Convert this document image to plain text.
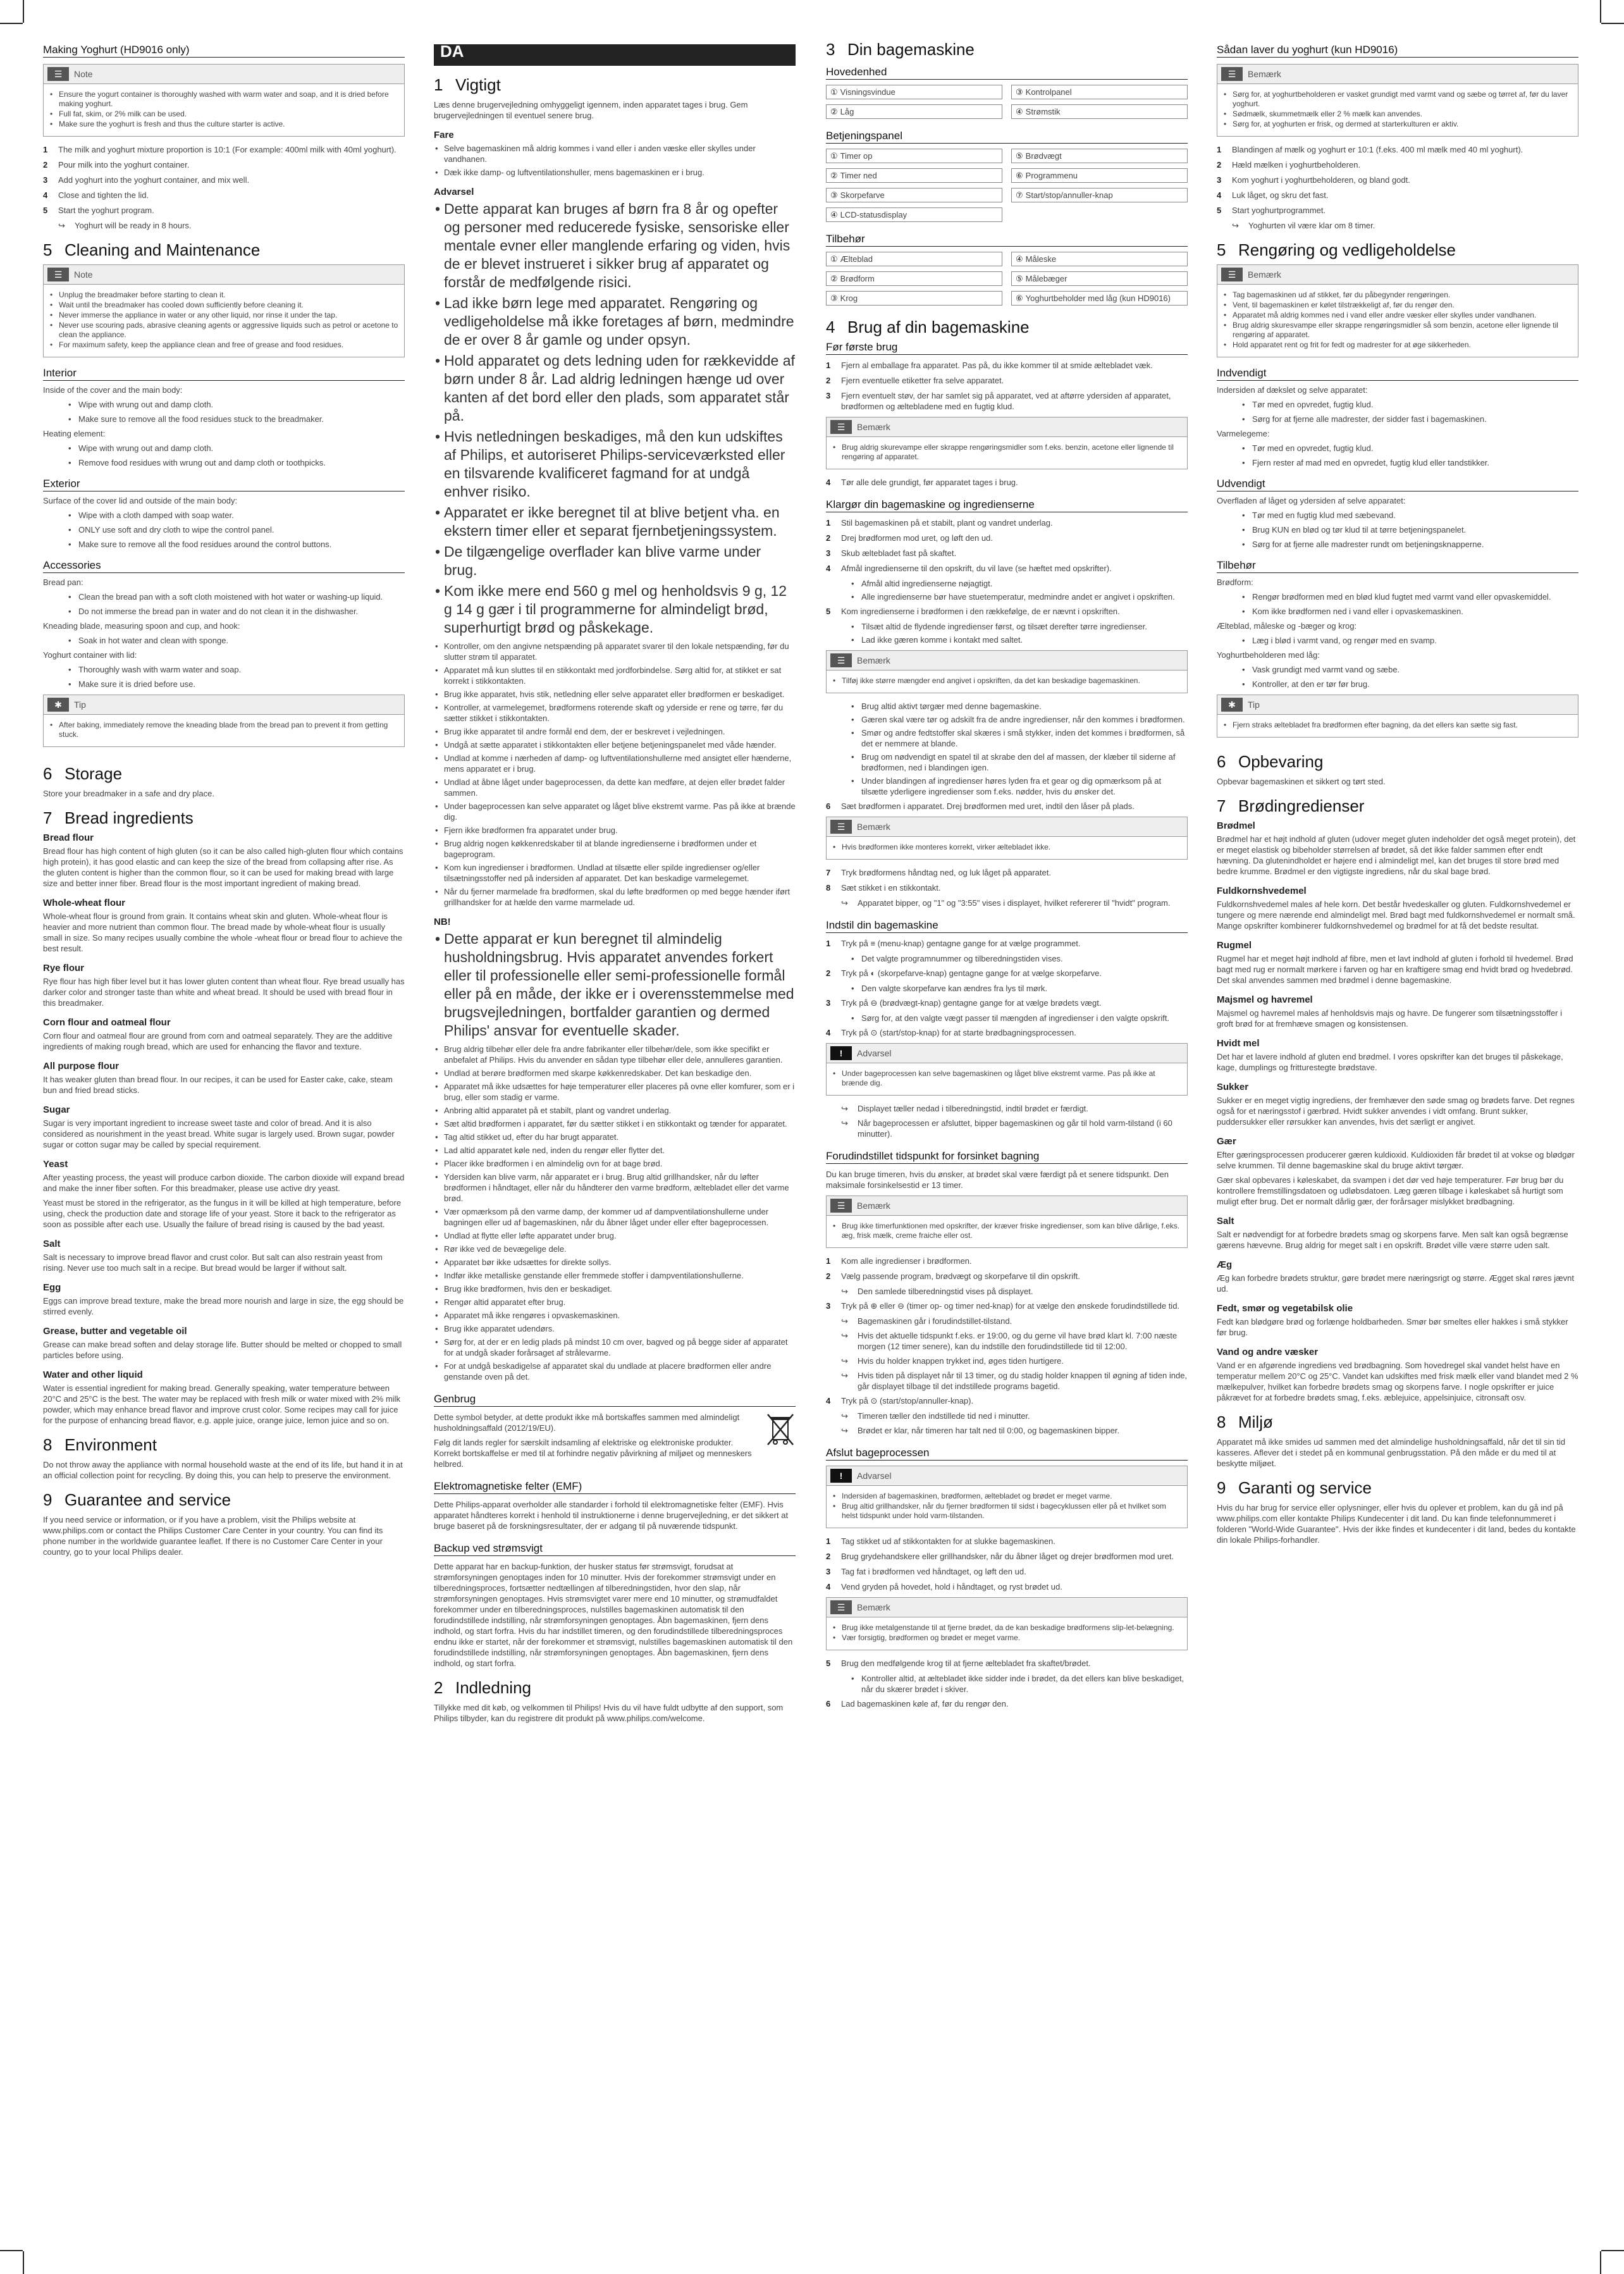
Making Yoghurt (HD9016 only)
☰	Note
• Ensure the yogurt container is thoroughly washed with warm water and soap, and it is dried before making yoghurt.
• Full fat, skim, or 2% milk can be used.
• Make sure the yoghurt is fresh and thus the culture starter is active.
1	The milk and yoghurt mixture proportion is 10:1 (For example: 400ml milk with 40ml yoghurt).
2	Pour milk into the yoghurt container.
3	Add yoghurt into the yoghurt container, and mix well.
4	Close and tighten the lid.
5	Start the yoghurt program.
↪	Yoghurt will be ready in 8 hours.
5 Cleaning and Maintenance
☰	Note
• Unplug the breadmaker before starting to clean it.
• Wait until the breadmaker has cooled down sufficiently before cleaning it.
• Never immerse the appliance in water or any other liquid, nor rinse it under the tap.
• Never use scouring pads, abrasive cleaning agents or aggressive liquids such as petrol or acetone to clean the appliance.
• For maximum safety, keep the appliance clean and free of grease and food residues.
Interior

Inside of the cover and the main body:

• Wipe with wrung out and damp cloth.
• Make sure to remove all the food residues stuck to the breadmaker.

Heating element:

• Wipe with wrung out and damp cloth.
• Remove food residues with wrung out and damp cloth or toothpicks.
Exterior

Surface of the cover lid and outside of the main body:

• Wipe with a cloth damped with soap water.
• ONLY use soft and dry cloth to wipe the control panel.
• Make sure to remove all the food residues around the control buttons.
Accessories

Bread pan:

• Clean the bread pan with a soft cloth moistened with hot water or washing-up liquid.
• Do not immerse the bread pan in water and do not clean it in the dishwasher.

Kneading blade, measuring spoon and cup, and hook:

• Soak in hot water and clean with sponge.

Yoghurt container with lid:

• Thoroughly wash with warm water and soap.
• Make sure it is dried before use.
✱	Tip
• After baking, immediately remove the kneading blade from the bread pan to prevent it from getting stuck.
6 Storage

Store your breadmaker in a safe and dry place.

7 Bread ingredients
Bread flour

Bread flour has high content of high gluten (so it can be also called high-gluten flour which contains high protein), it has good elastic and can keep the size of the bread from collapsing after rise. As the gluten content is higher than the common flour, so it can be used for making bread with large size and better inner fiber. Bread flour is the most important ingredient of making bread.

Whole-wheat flour

Whole-wheat flour is ground from grain. It contains wheat skin and gluten. Whole-wheat flour is heavier and more nutrient than common flour. The bread made by whole-wheat flour is usually small in size. So many recipes usually combine the whole -wheat flour or bread flour to achieve the best result.

Rye flour

Rye flour has high fiber level but it has lower gluten content than wheat flour. Rye bread usually has darker color and stronger taste than white and wheat bread. It should be used with bread flour in this breadmaker.

Corn flour and oatmeal flour

Corn flour and oatmeal flour are ground from corn and oatmeal separately. They are the additive ingredients of making rough bread, which are used for enhancing the flavor and texture.

All purpose flour

It has weaker gluten than bread flour. In our recipes, it can be used for Easter cake, cake, steam bun and fried bread sticks.

Sugar

Sugar is very important ingredient to increase sweet taste and color of bread. And it is also considered as nourishment in the yeast bread. White sugar is largely used. Brown sugar, powder sugar or cotton sugar may be called by special requirement.

Yeast

After yeasting process, the yeast will produce carbon dioxide. The carbon dioxide will expand bread and make the inner fiber soften. For this breadmaker, please use active dry yeast.

Yeast must be stored in the refrigerator, as the fungus in it will be killed at high temperature, before using, check the production date and storage life of your yeast. Store it back to the refrigerator as soon as possible after each use. Usually the failure of bread rising is caused by the bad yeast.

Salt

Salt is necessary to improve bread flavor and crust color. But salt can also restrain yeast from rising. Never use too much salt in a recipe. But bread would be larger if without salt.

Egg

Eggs can improve bread texture, make the bread more nourish and large in size, the egg should be stirred evenly.

Grease, butter and vegetable oil

Grease can make bread soften and delay storage life. Butter should be melted or chopped to small particles before using.

Water and other liquid

Water is essential ingredient for making bread. Generally speaking, water temperature between 20°C and 25°C is the best. The water may be replaced with fresh milk or water mixed with 2% milk powder, which may enhance bread flavor and improve crust color. Some recipes may call for juice for the purpose of enhancing bread flavor, e.g. apple juice, orange juice, lemon juice and so on.

8 Environment

Do not throw away the appliance with normal household waste at the end of its life, but hand it in at an official collection point for recycling. By doing this, you can help to preserve the environment.

9 Guarantee and service

If you need service or information, or if you have a problem, visit the Philips website at www.philips.com or contact the Philips Customer Care Center in your country. You can find its phone number in the worldwide guarantee leaflet. If there is no Customer Care Center in your country, go to your local Philips dealer.

DA
1 Vigtigt

Læs denne brugervejledning omhyggeligt igennem, inden apparatet tages i brug. Gem brugervejledningen til eventuel senere brug.

Fare
• Selve bagemaskinen må aldrig kommes i vand eller i anden væske eller skylles under vandhanen.
• Dæk ikke damp- og luftventilationshuller, mens bagemaskinen er i brug.
Advarsel
• Dette apparat kan bruges af børn fra 8 år og opefter og personer med reducerede fysiske, sensoriske eller mentale evner eller manglende erfaring og viden, hvis de er blevet instrueret i sikker brug af apparatet og forstår de medfølgende risici.
• Lad ikke børn lege med apparatet. Rengøring og vedligeholdelse må ikke foretages af børn, medmindre de er over 8 år gamle og under opsyn.
• Hold apparatet og dets ledning uden for rækkevidde af børn under 8 år. Lad aldrig ledningen hænge ud over kanten af det bord eller den plads, som apparatet står på.
• Hvis netledningen beskadiges, må den kun udskiftes af Philips, et autoriseret Philips-serviceværksted eller en tilsvarende kvalificeret fagmand for at undgå enhver risiko.
• Apparatet er ikke beregnet til at blive betjent vha. en ekstern timer eller et separat fjernbetjeningssystem.
• De tilgængelige overflader kan blive varme under brug.
• Kom ikke mere end 560 g mel og henholdsvis 9 g, 12 g 14 g gær i til programmerne for almindeligt brød, superhurtigt brød og påskekage.
• Kontroller, om den angivne netspænding på apparatet svarer til den lokale netspænding, før du slutter strøm til apparatet.
• Apparatet må kun sluttes til en stikkontakt med jordforbindelse. Sørg altid for, at stikket er sat korrekt i stikkontakten.
• Brug ikke apparatet, hvis stik, netledning eller selve apparatet eller brødformen er beskadiget.
• Kontroller, at varmelegemet, brødformens roterende skaft og yderside er rene og tørre, før du sætter stikket i stikkontakten.
• Brug ikke apparatet til andre formål end dem, der er beskrevet i vejledningen.
• Undgå at sætte apparatet i stikkontakten eller betjene betjeningspanelet med våde hænder.
• Undlad at komme i nærheden af damp- og luftventilationshullerne med ansigtet eller hænderne, mens apparatet er i brug.
• Undlad at åbne låget under bageprocessen, da dette kan medføre, at dejen eller brødet falder sammen.
• Under bageprocessen kan selve apparatet og låget blive ekstremt varme. Pas på ikke at brænde dig.
• Fjern ikke brødformen fra apparatet under brug.
• Brug aldrig nogen køkkenredskaber til at blande ingredienserne i brødformen under et bageprogram.
• Kom kun ingredienser i brødformen. Undlad at tilsætte eller spilde ingredienser og/eller tilsætningsstoffer ned på indersiden af apparatet. Det kan beskadige varmelegemet.
• Når du fjerner marmelade fra brødformen, skal du løfte brødformen op med begge hænder iført grillhandsker for at hælde den varme marmelade ud.
NB!
• Dette apparat er kun beregnet til almindelig husholdningsbrug. Hvis apparatet anvendes forkert eller til professionelle eller semi-professionelle formål eller på en måde, der ikke er i overensstemmelse med brugsvejledningen, bortfalder garantien og dermed Philips' ansvar for eventuelle skader.
• Brug aldrig tilbehør eller dele fra andre fabrikanter eller tilbehør/dele, som ikke specifikt er anbefalet af Philips. Hvis du anvender en sådan type tilbehør eller dele, annulleres garantien.
• Undlad at berøre brødformen med skarpe køkkenredskaber. Det kan beskadige den.
• Apparatet må ikke udsættes for høje temperaturer eller placeres på ovne eller komfurer, som er i brug, eller som stadig er varme.
• Anbring altid apparatet på et stabilt, plant og vandret underlag.
• Sæt altid brødformen i apparatet, før du sætter stikket i en stikkontakt og tænder for apparatet.
• Tag altid stikket ud, efter du har brugt apparatet.
• Lad altid apparatet køle ned, inden du rengør eller flytter det.
• Placer ikke brødformen i en almindelig ovn for at bage brød.
• Ydersiden kan blive varm, når apparatet er i brug. Brug altid grillhandsker, når du løfter brødformen i håndtaget, eller når du håndterer den varme brødform, æltebladet eller det varme brød.
• Vær opmærksom på den varme damp, der kommer ud af dampventilationshullerne under bagningen eller ud af bagemaskinen, når du åbner låget under eller efter bageprocessen.
• Undlad at flytte eller løfte apparatet under brug.
• Rør ikke ved de bevægelige dele.
• Apparatet bør ikke udsættes for direkte sollys.
• Indfør ikke metalliske genstande eller fremmede stoffer i dampventilationshullerne.
• Brug ikke brødformen, hvis den er beskadiget.
• Rengør altid apparatet efter brug.
• Apparatet må ikke rengøres i opvaskemaskinen.
• Brug ikke apparatet udendørs.
• Sørg for, at der er en ledig plads på mindst 10 cm over, bagved og på begge sider af apparatet for at undgå skader forårsaget af strålevarme.
• For at undgå beskadigelse af apparatet skal du undlade at placere brødformen eller andre genstande oven på det.
Genbrug

Dette symbol betyder, at dette produkt ikke må bortskaffes sammen med almindeligt husholdningsaffald (2012/19/EU).

Følg dit lands regler for særskilt indsamling af elektriske og elektroniske produkter. Korrekt bortskaffelse er med til at forhindre negativ påvirkning af miljøet og menneskers helbred.

Elektromagnetiske felter (EMF)

Dette Philips-apparat overholder alle standarder i forhold til elektromagnetiske felter (EMF). Hvis apparatet håndteres korrekt i henhold til instruktionerne i denne brugervejledning, er det sikkert at bruge baseret på de forskningsresultater, der er adgang til på nuværende tidspunkt.

Backup ved strømsvigt

Dette apparat har en backup-funktion, der husker status før strømsvigt, forudsat at strømforsyningen genoptages inden for 10 minutter. Hvis der forekommer strømsvigt under en tilberedningsproces, fortsætter nedtællingen af tilberedningstiden, hvor den slap, når strømforsyningen genoptages. Hvis strømsvigtet varer mere end 10 minutter, og strømudfaldet forekommer under en tilberedningsproces, nulstilles bagemaskinen automatisk til den forudindstillede indstilling, når strømforsyningen genoptages. Åbn bagemaskinen, fjern dens indhold, og start forfra. Hvis du har indstillet timeren, og den forudindstillede tilberedningsproces endnu ikke er startet, når der forekommer et strømsvigt, nulstilles bagemaskinen automatisk til den forudindstillede indstilling, når strømforsyningen genoptages. Åbn bagemaskinen, fjern dens indhold, og start forfra.

2 Indledning

Tillykke med dit køb, og velkommen til Philips! Hvis du vil have fuldt udbytte af den support, som Philips tilbyder, kan du registrere dit produkt på www.philips.com/welcome.

3 Din bagemaskine
Hovedenhed
① Visningsvindue	③ Kontrolpanel
② Låg	④ Strømstik
Betjeningspanel
① Timer op	⑤ Brødvægt
② Timer ned	⑥ Programmenu
③ Skorpefarve	⑦ Start/stop/annuller-knap
④ LCD-statusdisplay
Tilbehør
① Ælteblad	④ Måleske
② Brødform	⑤ Målebæger
③ Krog	⑥ Yoghurtbeholder med låg (kun HD9016)
4 Brug af din bagemaskine
Før første brug
1	Fjern al emballage fra apparatet. Pas på, du ikke kommer til at smide æltebladet væk.
2	Fjern eventuelle etiketter fra selve apparatet.
3	Fjern eventuelt støv, der har samlet sig på apparatet, ved at aftørre ydersiden af apparatet, brødformen og æltebladene med en fugtig klud.
☰	Bemærk
• Brug aldrig skurevampe eller skrappe rengøringsmidler som f.eks. benzin, acetone eller lignende til rengøring af apparatet.
4	Tør alle dele grundigt, før apparatet tages i brug.
Klargør din bagemaskine og ingredienserne
1	Stil bagemaskinen på et stabilt, plant og vandret underlag.
2	Drej brødformen mod uret, og løft den ud.
3	Skub æltebladet fast på skaftet.
4	Afmål ingredienserne til den opskrift, du vil lave (se hæftet med opskrifter).
• Afmål altid ingredienserne nøjagtigt.
• Alle ingredienserne bør have stuetemperatur, medmindre andet er angivet i opskriften.
5	Kom ingredienserne i brødformen i den rækkefølge, de er nævnt i opskriften.
• Tilsæt altid de flydende ingredienser først, og tilsæt derefter tørre ingredienser.
• Lad ikke gæren komme i kontakt med saltet.
☰	Bemærk
• Tilføj ikke større mængder end angivet i opskriften, da det kan beskadige bagemaskinen.
• Brug altid aktivt tørgær med denne bagemaskine.
• Gæren skal være tør og adskilt fra de andre ingredienser, når den kommes i brødformen.
• Smør og andre fedtstoffer skal skæres i små stykker, inden det kommes i brødformen, så det er nemmere at blande.
• Brug om nødvendigt en spatel til at skrabe den del af massen, der klæber til siderne af brødformen, ned i blandingen igen.
• Under blandingen af ingredienser høres lyden fra et gear og dig opmærksom på at tilsætte yderligere ingredienser som f.eks. nødder, hvis du ønsker det.
6	Sæt brødformen i apparatet. Drej brødformen med uret, indtil den låser på plads.
☰	Bemærk
• Hvis brødformen ikke monteres korrekt, virker æltebladet ikke.
7	Tryk brødformens håndtag ned, og luk låget på apparatet.
8	Sæt stikket i en stikkontakt.
↪	Apparatet bipper, og "1" og "3:55" vises i displayet, hvilket refererer til "hvidt" program.
Indstil din bagemaskine
1	Tryk på ≡ (menu-knap) gentagne gange for at vælge programmet.
• Det valgte programnummer og tilberedningstiden vises.
2	Tryk på ◐ (skorpefarve-knap) gentagne gange for at vælge skorpefarve.
• Den valgte skorpefarve kan ændres fra lys til mørk.
3	Tryk på ⊖ (brødvægt-knap) gentagne gange for at vælge brødets vægt.
• Sørg for, at den valgte vægt passer til mængden af ingredienser i den valgte opskrift.
4	Tryk på ⊙ (start/stop-knap) for at starte brødbagningsprocessen.
!	Advarsel
• Under bageprocessen kan selve bagemaskinen og låget blive ekstremt varme. Pas på ikke at brænde dig.
↪	Displayet tæller nedad i tilberedningstid, indtil brødet er færdigt.
↪	Når bageprocessen er afsluttet, bipper bagemaskinen og går til hold varm-tilstand (i 60 minutter).
Forudindstillet tidspunkt for forsinket bagning

Du kan bruge timeren, hvis du ønsker, at brødet skal være færdigt på et senere tidspunkt. Den maksimale forsinkelsestid er 13 timer.

☰	Bemærk
• Brug ikke timerfunktionen med opskrifter, der kræver friske ingredienser, som kan blive dårlige, f.eks. æg, frisk mælk, creme fraiche eller ost.
1	Kom alle ingredienser i brødformen.
2	Vælg passende program, brødvægt og skorpefarve til din opskrift.
↪	Den samlede tilberedningstid vises på displayet.
3	Tryk på ⊕ eller ⊖ (timer op- og timer ned-knap) for at vælge den ønskede forudindstillede tid.
↪	Bagemaskinen går i forudindstillet-tilstand.
↪	Hvis det aktuelle tidspunkt f.eks. er 19:00, og du gerne vil have brød klart kl. 7:00 næste morgen (12 timer senere), kan du indstille den forudindstillede tid til 12:00.
↪	Hvis du holder knappen trykket ind, øges tiden hurtigere.
↪	Hvis tiden på displayet når til 13 timer, og du stadig holder knappen til øgning af tiden inde, går displayet tilbage til det indstillede programs bagetid.
4	Tryk på ⊙ (start/stop/annuller-knap).
↪	Timeren tæller den indstillede tid ned i minutter.
↪	Brødet er klar, når timeren har talt ned til 0:00, og bagemaskinen bipper.
Afslut bageprocessen
!	Advarsel
• Indersiden af bagemaskinen, brødformen, æltebladet og brødet er meget varme.
• Brug altid grillhandsker, når du fjerner brødformen til sidst i bagecyklussen eller på et hvilket som helst tidspunkt under hold varm-tilstanden.
1	Tag stikket ud af stikkontakten for at slukke bagemaskinen.
2	Brug grydehandskere eller grillhandsker, når du åbner låget og drejer brødformen mod uret.
3	Tag fat i brødformen ved håndtaget, og løft den ud.
4	Vend gryden på hovedet, hold i håndtaget, og ryst brødet ud.
☰	Bemærk
• Brug ikke metalgenstande til at fjerne brødet, da de kan beskadige brødformens slip-let-belægning.
• Vær forsigtig, brødformen og brødet er meget varme.
5	Brug den medfølgende krog til at fjerne æltebladet fra skaftet/brødet.
• Kontroller altid, at æltebladet ikke sidder inde i brødet, da det ellers kan blive beskadiget, når du skærer brødet i skiver.
6	Lad bagemaskinen køle af, før du rengør den.
Sådan laver du yoghurt (kun HD9016)
☰	Bemærk
• Sørg for, at yoghurtbeholderen er vasket grundigt med varmt vand og sæbe og tørret af, før du laver yoghurt.
• Sødmælk, skummetmælk eller 2 % mælk kan anvendes.
• Sørg for, at yoghurten er frisk, og dermed at starterkulturen er aktiv.
1	Blandingen af mælk og yoghurt er 10:1 (f.eks. 400 ml mælk med 40 ml yoghurt).
2	Hæld mælken i yoghurtbeholderen.
3	Kom yoghurt i yoghurtbeholderen, og bland godt.
4	Luk låget, og skru det fast.
5	Start yoghurtprogrammet.
↪	Yoghurten vil være klar om 8 timer.
5 Rengøring og vedligeholdelse
☰	Bemærk
• Tag bagemaskinen ud af stikket, før du påbegynder rengøringen.
• Vent, til bagemaskinen er kølet tilstrækkeligt af, før du rengør den.
• Apparatet må aldrig kommes ned i vand eller andre væsker eller skylles under vandhanen.
• Brug aldrig skuresvampe eller skrappe rengøringsmidler så som benzin, acetone eller lignende til rengøring af apparatet.
• Hold apparatet rent og frit for fedt og madrester for at øge sikkerheden.
Indvendigt

Indersiden af dækslet og selve apparatet:

• Tør med en opvredet, fugtig klud.
• Sørg for at fjerne alle madrester, der sidder fast i bagemaskinen.

Varmelegeme:

• Tør med en opvredet, fugtig klud.
• Fjern rester af mad med en opvredet, fugtig klud eller tandstikker.
Udvendigt

Overfladen af låget og ydersiden af selve apparatet:

• Tør med en fugtig klud med sæbevand.
• Brug KUN en blød og tør klud til at tørre betjeningspanelet.
• Sørg for at fjerne alle madrester rundt om betjeningsknapperne.
Tilbehør

Brødform:

• Rengør brødformen med en blød klud fugtet med varmt vand eller opvaskemiddel.
• Kom ikke brødformen ned i vand eller i opvaskemaskinen.

Ælteblad, måleske og -bæger og krog:

• Læg i blød i varmt vand, og rengør med en svamp.

Yoghurtbeholderen med låg:

• Vask grundigt med varmt vand og sæbe.
• Kontroller, at den er tør før brug.
✱	Tip
• Fjern straks æltebladet fra brødformen efter bagning, da det ellers kan sætte sig fast.
6 Opbevaring

Opbevar bagemaskinen et sikkert og tørt sted.

7 Brødingredienser
Brødmel

Brødmel har et højt indhold af gluten (udover meget gluten indeholder det også meget protein), det er meget elastisk og bibeholder størrelsen af brødet, så det ikke falder sammen efter endt hævning. Da glutenindholdet er højere end i almindeligt mel, kan det bruges til store brød med bedre krumme. Brødmel er den vigtigste ingrediens, når du skal bage brød.

Fuldkornshvedemel

Fuldkornshvedemel males af hele korn. Det består hvedeskaller og gluten. Fuldkornshvedemel er tungere og mere nærende end almindeligt mel. Brød bagt med fuldkornshvedemel er normalt små. Mange opskrifter kombinerer fuldkornshvedemel og brødmel for at få det bedste resultat.

Rugmel

Rugmel har et meget højt indhold af fibre, men et lavt indhold af gluten i forhold til hvedemel. Brød bagt med rug er normalt mørkere i farven og har en kraftigere smag end hvidt brød og hvedebrød. Det skal anvendes sammen med brødmel i denne bagemaskine.

Majsmel og havremel

Majsmel og havremel males af henholdsvis majs og havre. De fungerer som tilsætningsstoffer i groft brød for at fremhæve smagen og konsistensen.

Hvidt mel

Det har et lavere indhold af gluten end brødmel. I vores opskrifter kan det bruges til påskekage, kage, dumplings og fritturestegte brødstave.

Sukker

Sukker er en meget vigtig ingrediens, der fremhæver den søde smag og brødets farve. Det regnes også for et næringsstof i gærbrød. Hvidt sukker anvendes i vidt omfang. Brunt sukker, puddersukker eller rørsukker kan anvendes, hvis det særligt er angivet.

Gær

Efter gæringsprocessen producerer gæren kuldioxid. Kuldioxiden får brødet til at vokse og blødgør selve krummen. Til denne bagemaskine skal du bruge aktivt tørgær.

Gær skal opbevares i køleskabet, da svampen i det dør ved høje temperaturer. Før brug bør du kontrollere fremstillingsdatoen og udløbsdatoen. Læg gæren tilbage i køleskabet så hurtigt som muligt efter brug. Det er normalt dårlig gær, der forårsager mislykket brødbagning.

Salt

Salt er nødvendigt for at forbedre brødets smag og skorpens farve. Men salt kan også begrænse gærens hævevne. Brug aldrig for meget salt i en opskrift. Brødet ville være større uden salt.

Æg

Æg kan forbedre brødets struktur, gøre brødet mere næringsrigt og større. Ægget skal røres jævnt ud.

Fedt, smør og vegetabilsk olie

Fedt kan blødgøre brød og forlænge holdbarheden. Smør bør smeltes eller hakkes i små stykker før brug.

Vand og andre væsker

Vand er en afgørende ingrediens ved brødbagning. Som hovedregel skal vandet helst have en temperatur mellem 20°C og 25°C. Vandet kan udskiftes med frisk mælk eller vand blandet med 2 % mælkepulver, hvilket kan forbedre brødets smag og skorpens farve. I nogle opskrifter er juice påkrævet for at forbedre brødets smag, f.eks. æblejuice, appelsinjuice, citronsaft osv.

8 Miljø

Apparatet må ikke smides ud sammen med det almindelige husholdningsaffald, når det til sin tid kasseres. Aflever det i stedet på en kommunal genbrugsstation. På den måde er du med til at beskytte miljøet.

9 Garanti og service

Hvis du har brug for service eller oplysninger, eller hvis du oplever et problem, kan du gå ind på www.philips.com eller kontakte Philips Kundecenter i dit land. Du kan finde telefonnummeret i folderen "World-Wide Guarantee". Hvis der ikke findes et kundecenter i dit land, bedes du kontakte din lokale Philips-forhandler.
